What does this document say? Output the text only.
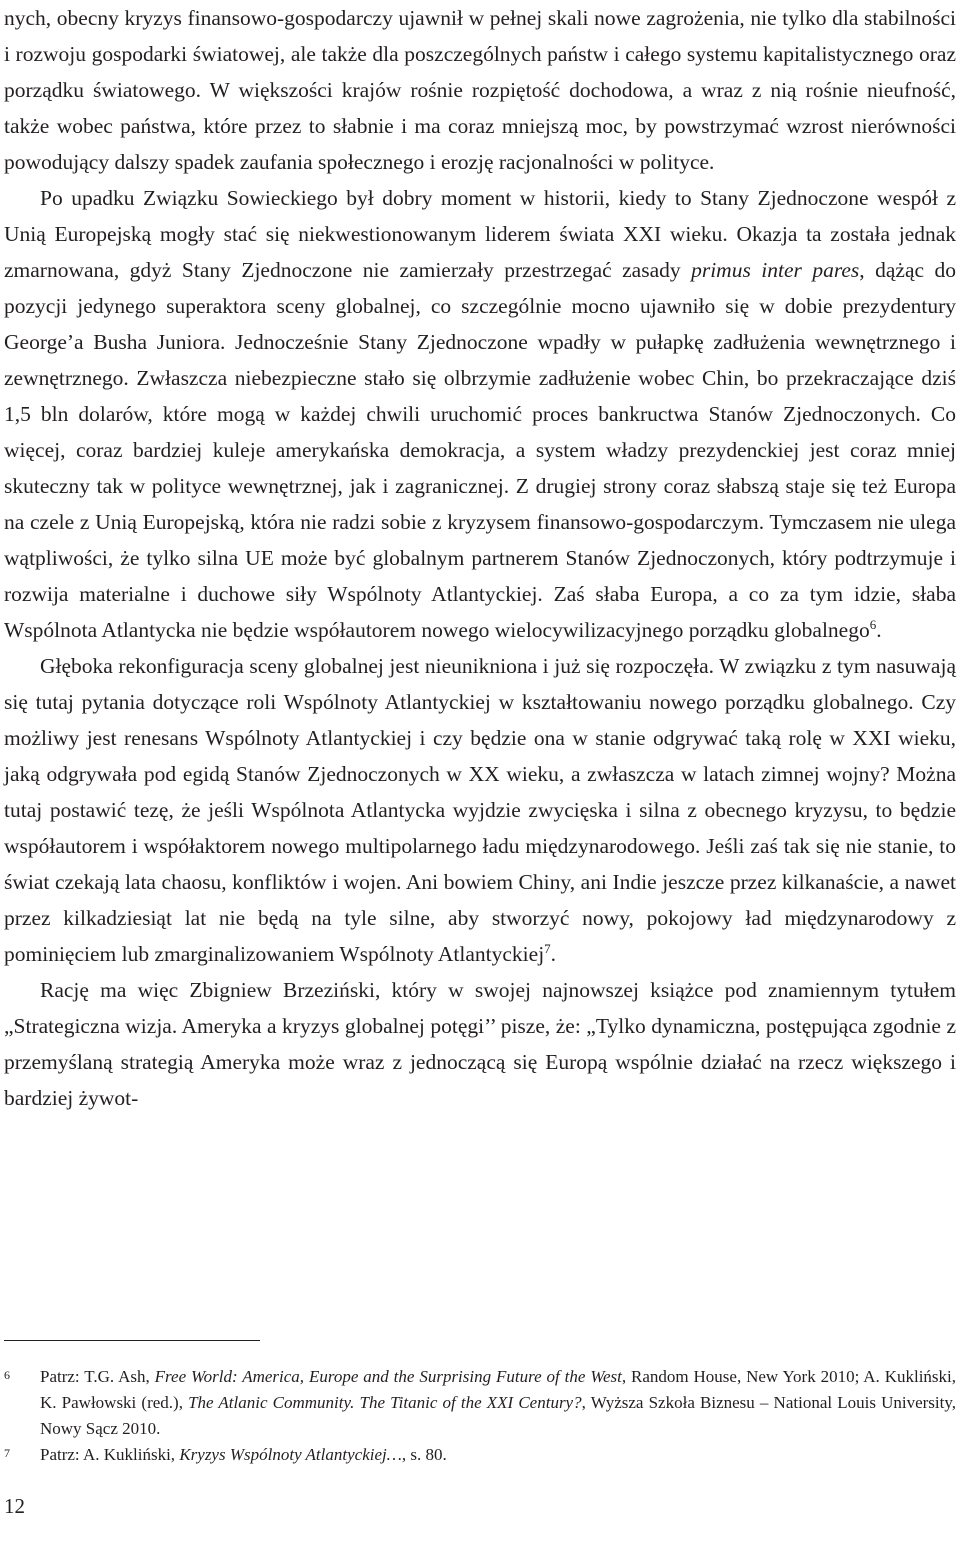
nych, obecny kryzys finansowo-gospodarczy ujawnił w pełnej skali nowe zagrożenia, nie tylko dla stabilności i rozwoju gospodarki światowej, ale także dla poszczególnych państw i całego systemu kapitalistycznego oraz porządku światowego. W większości krajów rośnie rozpiętość dochodowa, a wraz z nią rośnie nieufność, także wobec państwa, które przez to słabnie i ma coraz mniejszą moc, by powstrzymać wzrost nierówności powodujący dalszy spadek zaufania społecznego i erozję racjonalności w polityce.

Po upadku Związku Sowieckiego był dobry moment w historii, kiedy to Stany Zjednoczone wespół z Unią Europejską mogły stać się niekwestionowanym liderem świata XXI wieku. Okazja ta została jednak zmarnowana, gdyż Stany Zjednoczone nie zamierzały przestrzegać zasady primus inter pares, dążąc do pozycji jedynego superaktora sceny globalnej, co szczególnie mocno ujawniło się w dobie prezydentury George’a Busha Juniora. Jednocześnie Stany Zjednoczone wpadły w pułapkę zadłużenia wewnętrznego i zewnętrznego. Zwłaszcza niebezpieczne stało się olbrzymie zadłużenie wobec Chin, bo przekraczające dziś 1,5 bln dolarów, które mogą w każdej chwili uruchomić proces bankructwa Stanów Zjednoczonych. Co więcej, coraz bardziej kuleje amerykańska demokracja, a system władzy prezydenckiej jest coraz mniej skuteczny tak w polityce wewnętrznej, jak i zagranicznej. Z drugiej strony coraz słabszą staje się też Europa na czele z Unią Europejską, która nie radzi sobie z kryzysem finansowo-gospodarczym. Tymczasem nie ulega wątpliwości, że tylko silna UE może być globalnym partnerem Stanów Zjednoczonych, który podtrzymuje i rozwija materialne i duchowe siły Wspólnoty Atlantyckiej. Zaś słaba Europa, a co za tym idzie, słaba Wspólnota Atlantycka nie będzie współautorem nowego wielocywilizacyjnego porządku globalnego$^6$.

Głęboka rekonfiguracja sceny globalnej jest nieunikniona i już się rozpoczęła. W związku z tym nasuwają się tutaj pytania dotyczące roli Wspólnoty Atlantyckiej w kształtowaniu nowego porządku globalnego. Czy możliwy jest renesans Wspólnoty Atlantyckiej i czy będzie ona w stanie odgrywać taką rolę w XXI wieku, jaką odgrywała pod egidą Stanów Zjednoczonych w XX wieku, a zwłaszcza w latach zimnej wojny? Można tutaj postawić tezę, że jeśli Wspólnota Atlantycka wyjdzie zwycięska i silna z obecnego kryzysu, to będzie współautorem i współaktorem nowego multipolarnego ładu międzynarodowego. Jeśli zaś tak się nie stanie, to świat czekają lata chaosu, konfliktów i wojen. Ani bowiem Chiny, ani Indie jeszcze przez kilkanaście, a nawet przez kilkadziesiąt lat nie będą na tyle silne, aby stworzyć nowy, pokojowy ład międzynarodowy z pominięciem lub zmarginalizowaniem Wspólnoty Atlantyckiej$^7$.

Rację ma więc Zbigniew Brzeziński, który w swojej najnowszej książce pod znamiennym tytułem „Strategiczna wizja. Ameryka a kryzys globalnej potęgi’’ pisze, że: „Tylko dynamiczna, postępująca zgodnie z przemyślaną strategią Ameryka może wraz z jednoczącą się Europą wspólnie działać na rzecz większego i bardziej żywot-

6 Patrz: T.G. Ash, Free World: America, Europe and the Surprising Future of the West, Random House, New York 2010; A. Kukliński, K. Pawłowski (red.), The Atlanic Community. The Titanic of the XXI Century?, Wyższa Szkoła Biznesu – National Louis University, Nowy Sącz 2010.

7 Patrz: A. Kukliński, Kryzys Wspólnoty Atlantyckiej…, s. 80.

12
